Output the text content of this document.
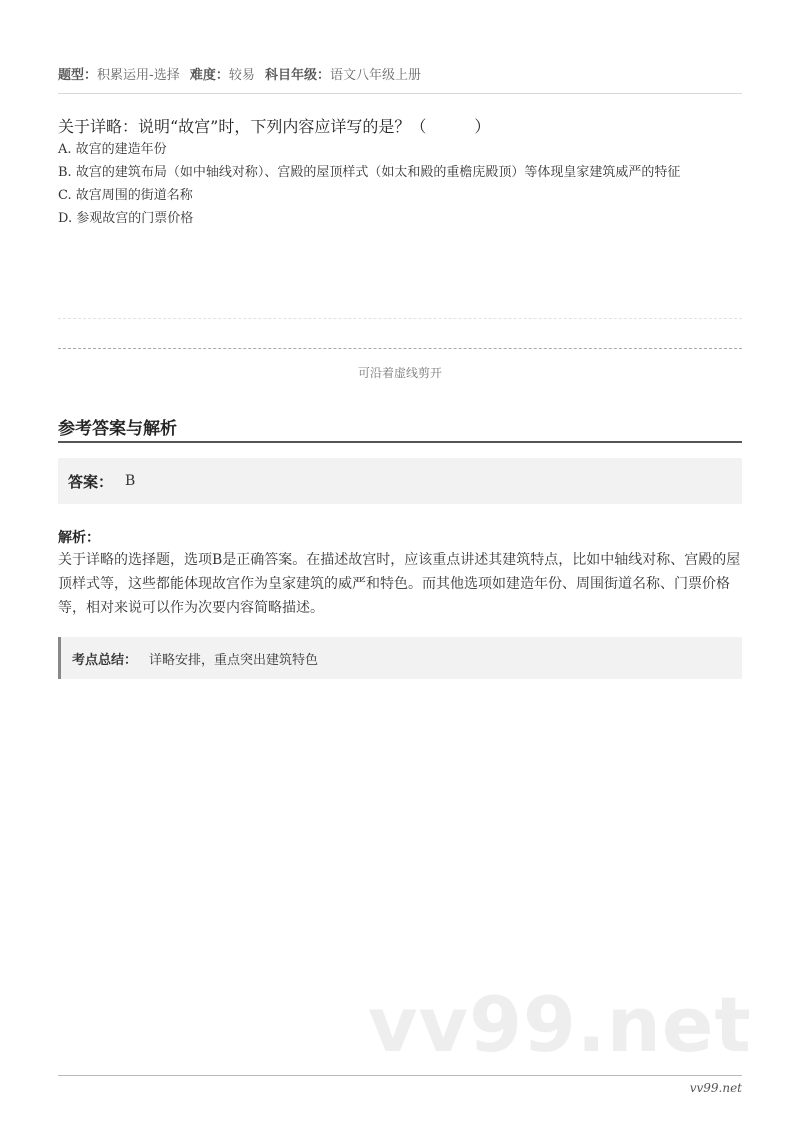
题型：积累运用-选择 难度：较易 科目年级：语文八年级上册
关于详略：说明“故宫”时，下列内容应详写的是？（　　　）
A. 故宫的建造年份
B. 故宫的建筑布局（如中轴线对称）、宫殿的屋顶样式（如太和殿的重檐庑殿顶）等体现皇家建筑威严的特征
C. 故宫周围的街道名称
D. 参观故宫的门票价格
可沿着虚线剪开
参考答案与解析
答案： B
解析：
关于详略的选择题，选项B是正确答案。在描述故宫时，应该重点讲述其建筑特点，比如中轴线对称、宫殿的屋顶样式等，这些都能体现故宫作为皇家建筑的威严和特色。而其他选项如建造年份、周围街道名称、门票价格等，相对来说可以作为次要内容简略描述。
考点总结： 详略安排，重点突出建筑特色
vv99.net
vv99.net
